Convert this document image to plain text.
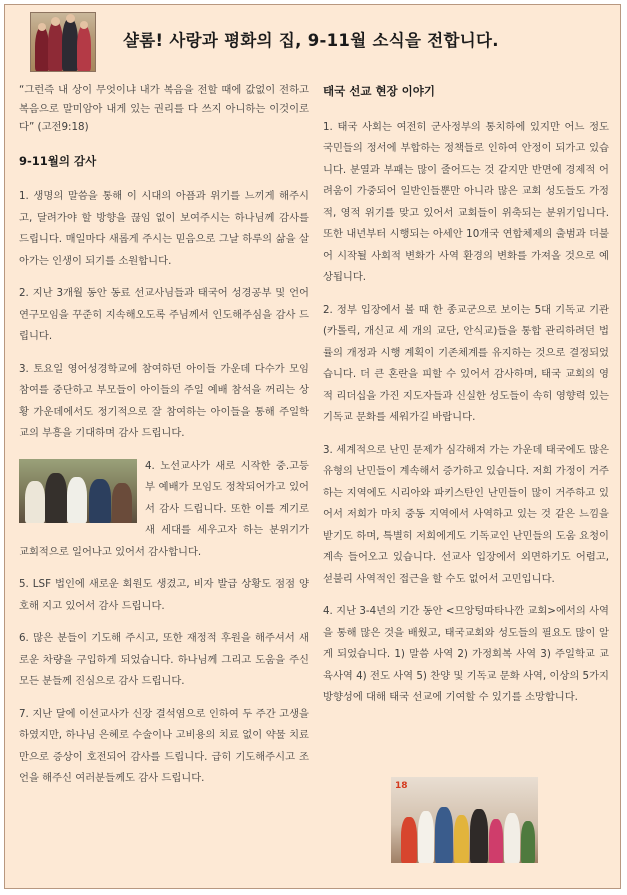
샬롬! 사랑과 평화의 집, 9-11월 소식을 전합니다.

“그런즉 내 상이 무엇이냐 내가 복음을 전할 때에 값없이 전하고 복음으로 말미암아 내게 있는 권리를 다 쓰지 아니하는 이것이로다” (고전9:18)

9-11월의 감사

1. 생명의 말씀을 통해 이 시대의 아픔과 위기를 느끼게 해주시고, 달려가야 할 방향을 끊임 없이 보여주시는 하나님께 감사를 드립니다. 매일마다 새롭게 주시는 믿음으로 그날 하루의 삶을 살아가는 인생이 되기를 소원합니다.

2. 지난 3개월 동안 동료 선교사님들과 태국어 성경공부 및 언어 연구모임을 꾸준히 지속해오도록 주님께서 인도해주심을 감사 드립니다.

3. 토요일 영어성경학교에 참여하던 아이들 가운데 다수가 모임 참여를 중단하고 부모들이 아이들의 주일 예배 참석을 꺼리는 상황 가운데에서도 정기적으로 잘 참여하는 아이들을 통해 주일학교의 부흥을 기대하며 감사 드립니다.

4. 노선교사가 새로 시작한 중.고등부 예배가 모임도 정착되어가고 있어서 감사 드립니다. 또한 이를 계기로 새 세대를 세우고자 하는 분위기가 교회적으로 일어나고 있어서 감사합니다.

5. LSF 법인에 새로운 회원도 생겼고, 비자 발급 상황도 점점 양호해 지고 있어서 감사 드립니다.

6. 많은 분들이 기도해 주시고, 또한 재정적 후원을 해주셔서 새로운 차량을 구입하게 되었습니다. 하나님께 그리고 도움을 주신 모든 분들께 진심으로 감사 드립니다.

7. 지난 달에 이선교사가 신장 결석염으로 인하여 두 주간 고생을 하였지만, 하나님 은혜로 수술이나 고비용의 치료 없이 약물 치료만으로 증상이 호전되어 감사를 드립니다. 급히 기도해주시고 조언을 해주신 여러분들께도 감사 드립니다.

태국 선교 현장 이야기

1. 태국 사회는 여전히 군사정부의 통치하에 있지만 어느 정도 국민들의 정서에 부합하는 정책들로 인하여 안정이 되가고 있습니다. 분열과 부패는 많이 줄어드는 것 같지만 반면에 경제적 어려움이 가중되어 일반인들뿐만 아니라 많은 교회 성도들도 가정적, 영적 위기를 맞고 있어서 교회들이 위축되는 분위기입니다. 또한 내년부터 시행되는 아세안 10개국 연합체제의 출범과 더불어 시작될 사회적 변화가 사역 환경의 변화를 가져올 것으로 예상됩니다.

2. 정부 입장에서 볼 때 한 종교군으로 보이는 5대 기독교 기관(카톨릭, 개신교 세 개의 교단, 안식교)들을 통합 관리하려던 법률의 개정과 시행 계획이 기존체계를 유지하는 것으로 결정되었습니다. 더 큰 혼란을 피할 수 있어서 감사하며, 태국 교회의 영적 리더십을 가진 지도자들과 신실한 성도들이 속히 영향력 있는 기독교 문화를 세워가길 바랍니다.

3. 세계적으로 난민 문제가 심각해져 가는 가운데 태국에도 많은 유형의 난민들이 계속해서 증가하고 있습니다. 저희 가정이 거주하는 지역에도 시리아와 파키스탄인 난민들이 많이 거주하고 있어서 저희가 마치 중동 지역에서 사역하고 있는 것 같은 느낌을 받기도 하며, 특별히 저희에게도 기독교인 난민들의 도움 요청이 계속 들어오고 있습니다. 선교사 입장에서 외면하기도 어렵고, 섣불리 사역적인 접근을 할 수도 없어서 고민입니다.

4. 지난 3-4년의 기간 동안 <므앙텅따타나깐 교회>에서의 사역을 통해 많은 것을 배웠고, 태국교회와 성도들의 필요도 많이 알게 되었습니다. 1) 말씀 사역 2) 가정회복 사역 3) 주일학교 교육사역 4) 전도 사역 5) 찬양 및 기독교 문화 사역, 이상의 5가지 방향성에 대해 태국 선교에 기여할 수 있기를 소망합니다.

18
